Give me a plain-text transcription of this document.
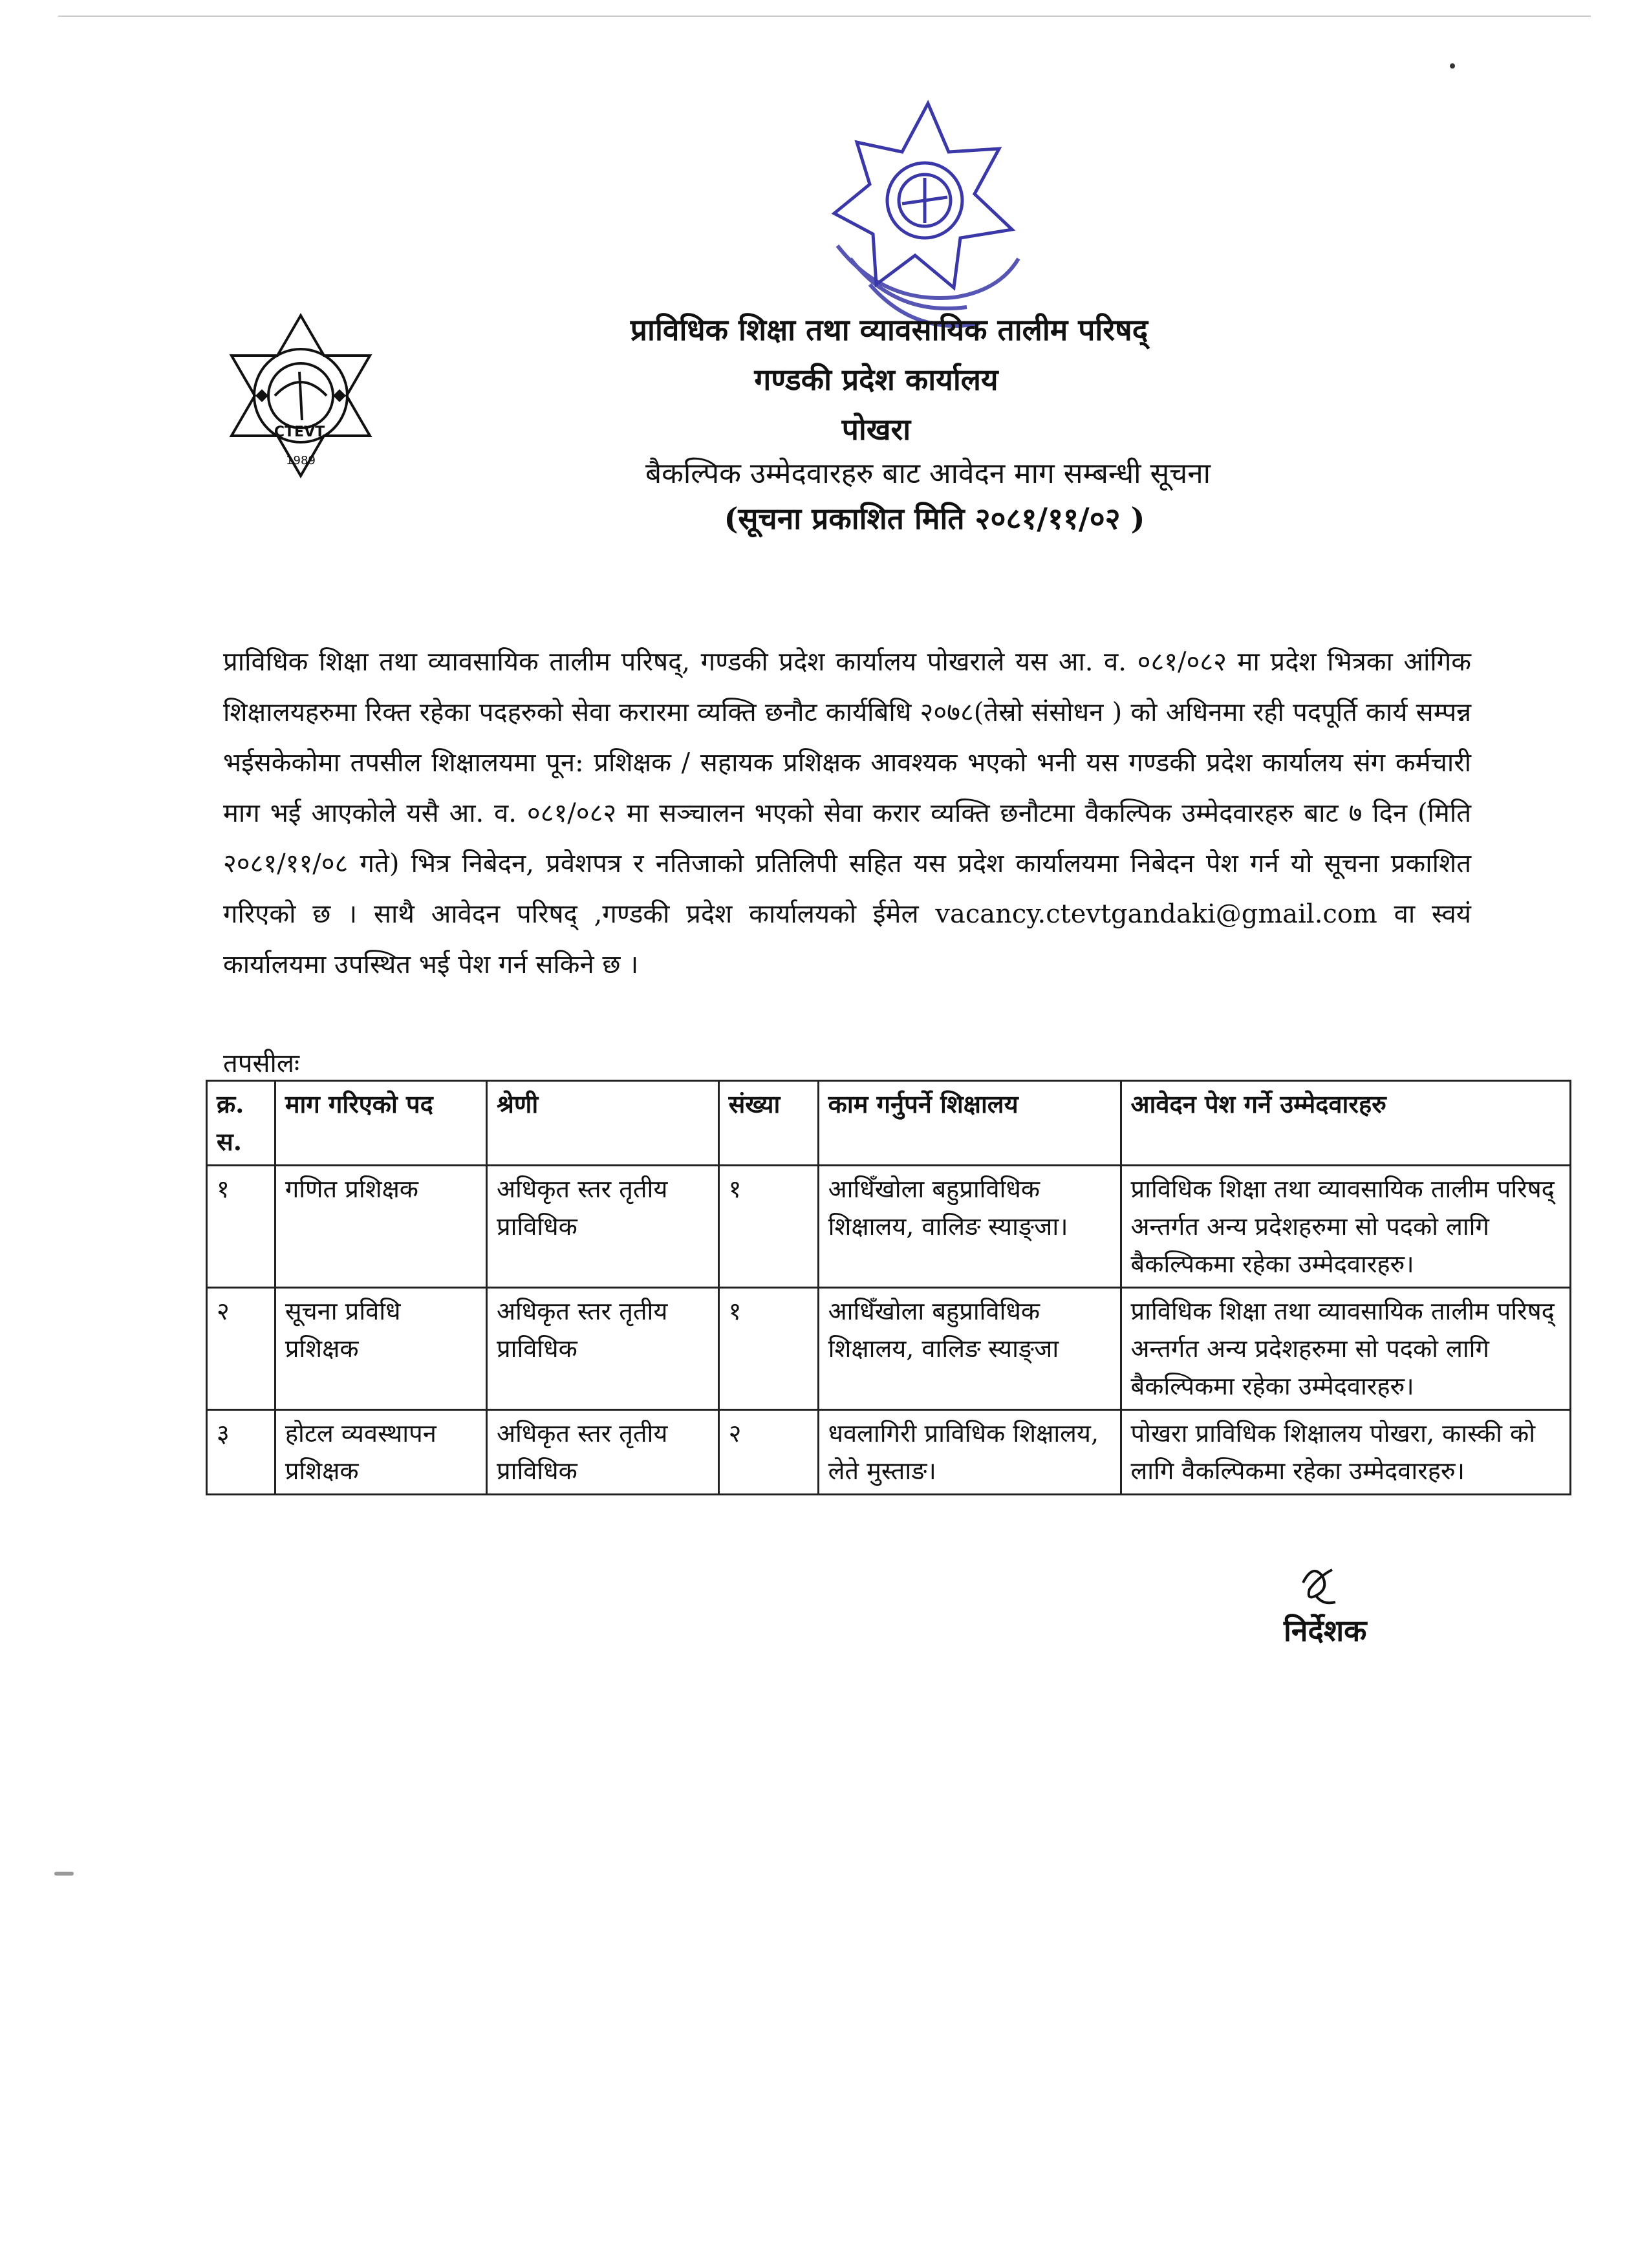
CTEVT
1989
प्राविधिक शिक्षा तथा व्यावसायिक तालीम परिषद्
गण्डकी प्रदेश कार्यालय
पोखरा
बैकल्पिक उम्मेदवारहरु बाट आवेदन माग सम्बन्धी सूचना
(सूचना प्रकाशित मिति २०८१/११/०२ )
प्राविधिक शिक्षा तथा व्यावसायिक तालीम परिषद्, गण्डकी प्रदेश कार्यालय पोखराले यस आ. व. ०८१/०८२ मा प्रदेश भित्रका आंगिक शिक्षालयहरुमा रिक्त रहेका पदहरुको सेवा करारमा व्यक्ति छनौट कार्यबिधि २०७८(तेस्रो संसोधन ) को अधिनमा रही पदपूर्ति कार्य सम्पन्न भईसकेकोमा तपसील शिक्षालयमा पून: प्रशिक्षक / सहायक प्रशिक्षक आवश्यक भएको भनी यस गण्डकी प्रदेश कार्यालय संग कर्मचारी माग भई आएकोले यसै आ. व. ०८१/०८२ मा सञ्चालन भएको सेवा करार व्यक्ति छनौटमा वैकल्पिक उम्मेदवारहरु बाट ७ दिन (मिति २०८१/११/०८ गते) भित्र निबेदन, प्रवेशपत्र र नतिजाको प्रतिलिपी सहित यस प्रदेश कार्यालयमा निबेदन पेश गर्न यो सूचना प्रकाशित गरिएको छ । साथै आवेदन परिषद् ,गण्डकी प्रदेश कार्यालयको ईमेल vacancy.ctevtgandaki@gmail.com वा स्वयं कार्यालयमा उपस्थित भई पेश गर्न सकिने छ ।
तपसीलः
क्र. स.	माग गरिएको पद	श्रेणी	संख्या	काम गर्नुपर्ने शिक्षालय	आवेदन पेश गर्ने उम्मेदवारहरु
१	गणित प्रशिक्षक	अधिकृत स्तर तृतीय प्राविधिक	१	आधिँखोला बहुप्राविधिक शिक्षालय, वालिङ स्याङ्जा।	प्राविधिक शिक्षा तथा व्यावसायिक तालीम परिषद् अन्तर्गत अन्य प्रदेशहरुमा सो पदको लागि बैकल्पिकमा रहेका उम्मेदवारहरु।
२	सूचना प्रविधि प्रशिक्षक	अधिकृत स्तर तृतीय प्राविधिक	१	आधिँखोला बहुप्राविधिक शिक्षालय, वालिङ स्याङ्जा	प्राविधिक शिक्षा तथा व्यावसायिक तालीम परिषद् अन्तर्गत अन्य प्रदेशहरुमा सो पदको लागि बैकल्पिकमा रहेका उम्मेदवारहरु।
३	होटल व्यवस्थापन प्रशिक्षक	अधिकृत स्तर तृतीय प्राविधिक	२	धवलागिरी प्राविधिक शिक्षालय, लेते मुस्ताङ।	पोखरा प्राविधिक शिक्षालय पोखरा, कास्की को लागि वैकल्पिकमा रहेका उम्मेदवारहरु।
निर्देशक
